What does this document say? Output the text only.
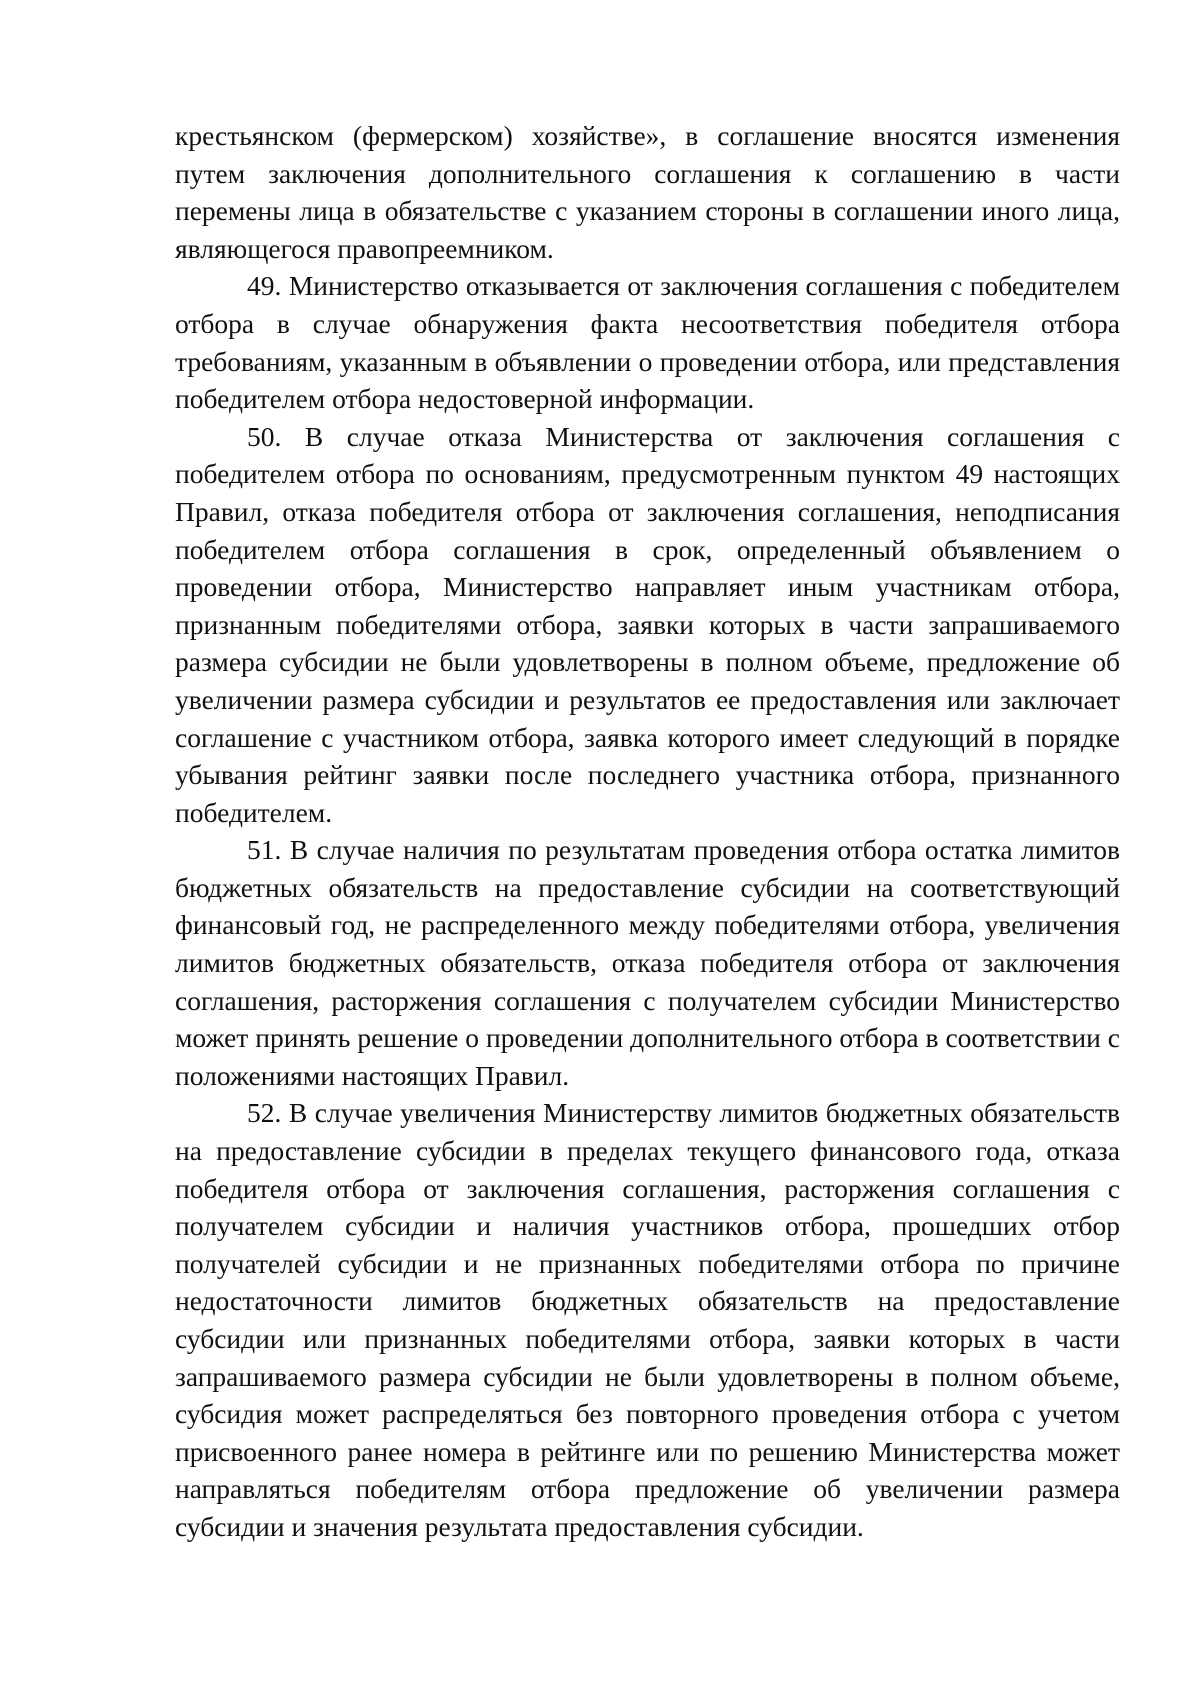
крестьянском (фермерском) хозяйстве», в соглашение вносятся изменения путем заключения дополнительного соглашения к соглашению в части перемены лица в обязательстве с указанием стороны в соглашении иного лица, являющегося правопреемником.

49. Министерство отказывается от заключения соглашения с победителем отбора в случае обнаружения факта несоответствия победителя отбора требованиям, указанным в объявлении о проведении отбора, или представления победителем отбора недостоверной информации.

50. В случае отказа Министерства от заключения соглашения с победителем отбора по основаниям, предусмотренным пунктом 49 настоящих Правил, отказа победителя отбора от заключения соглашения, неподписания победителем отбора соглашения в срок, определенный объявлением о проведении отбора, Министерство направляет иным участникам отбора, признанным победителями отбора, заявки которых в части запрашиваемого размера субсидии не были удовлетворены в полном объеме, предложение об увеличении размера субсидии и результатов ее предоставления или заключает соглашение с участником отбора, заявка которого имеет следующий в порядке убывания рейтинг заявки после последнего участника отбора, признанного победителем.

51. В случае наличия по результатам проведения отбора остатка лимитов бюджетных обязательств на предоставление субсидии на соответствующий финансовый год, не распределенного между победителями отбора, увеличения лимитов бюджетных обязательств, отказа победителя отбора от заключения соглашения, расторжения соглашения с получателем субсидии Министерство может принять решение о проведении дополнительного отбора в соответствии с положениями настоящих Правил.

52. В случае увеличения Министерству лимитов бюджетных обязательств на предоставление субсидии в пределах текущего финансового года, отказа победителя отбора от заключения соглашения, расторжения соглашения с получателем субсидии и наличия участников отбора, прошедших отбор получателей субсидии и не признанных победителями отбора по причине недостаточности лимитов бюджетных обязательств на предоставление субсидии или признанных победителями отбора, заявки которых в части запрашиваемого размера субсидии не были удовлетворены в полном объеме, субсидия может распределяться без повторного проведения отбора с учетом присвоенного ранее номера в рейтинге или по решению Министерства может направляться победителям отбора предложение об увеличении размера субсидии и значения результата предоставления субсидии.
